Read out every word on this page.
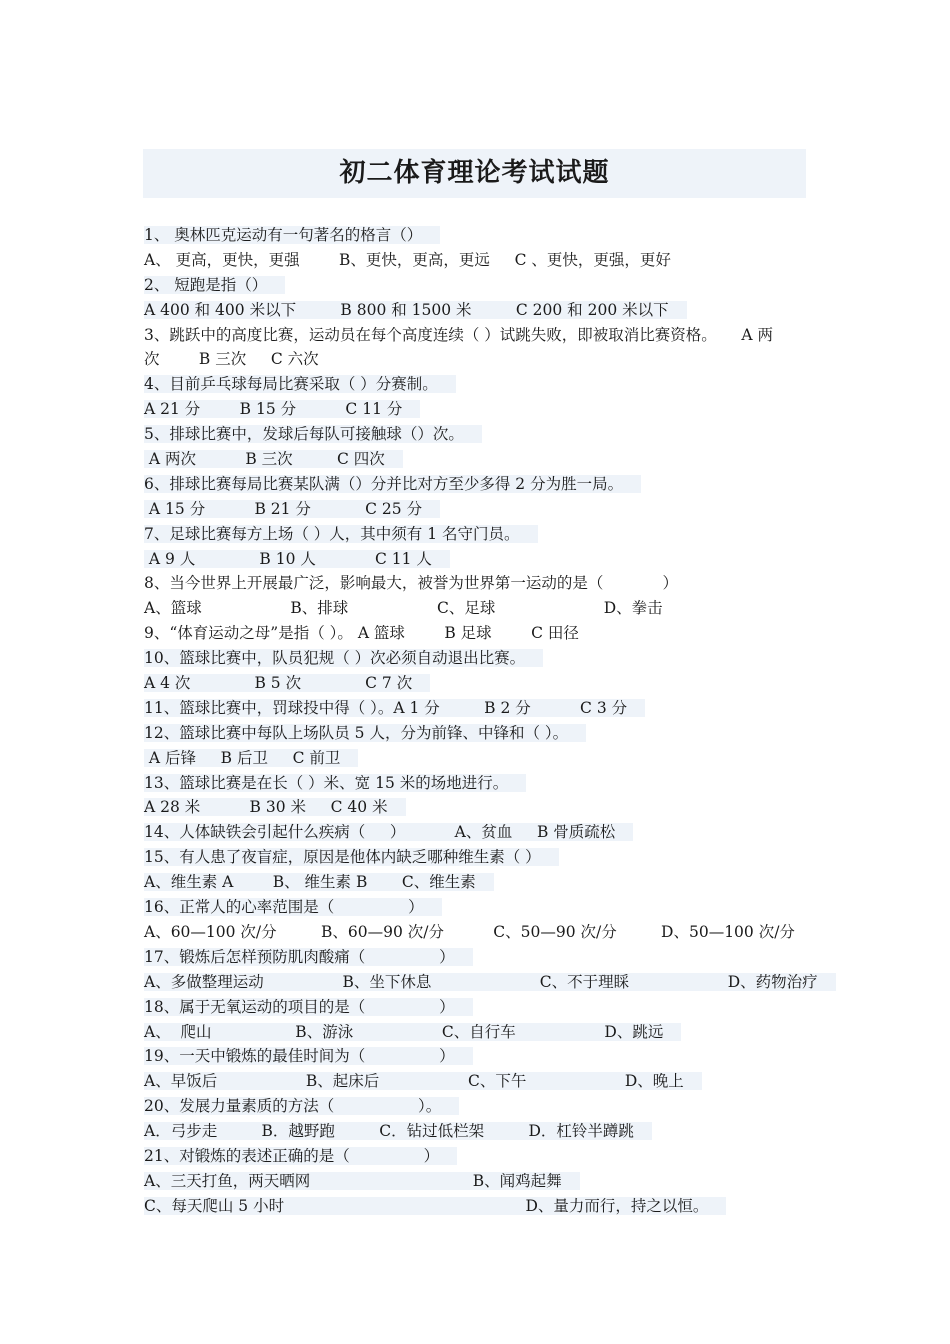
初二体育理论考试试题
1、 奥林匹克运动有一句著名的格言（）
A、 更高，更快，更强        B、更快，更高，更远     C 、更快，更强，更好
2、 短跑是指（）
A 400 和 400 米以下         B 800 和 1500 米         C 200 和 200 米以下
3、跳跃中的高度比赛，运动员在每个高度连续（ ）试跳失败，即被取消比赛资格。     A 两
次        B 三次     C 六次
4、目前乒乓球每局比赛采取（ ）分赛制。
A 21 分        B 15 分          C 11 分
5、排球比赛中，发球后每队可接触球（）次。
A 两次          B 三次         C 四次
6、排球比赛每局比赛某队满（）分并比对方至少多得 2 分为胜一局。
A 15 分          B 21 分           C 25 分
7、足球比赛每方上场（ ）人，其中须有 1 名守门员。
A 9 人             B 10 人            C 11 人
8、当今世界上开展最广泛，影响最大，被誉为世界第一运动的是（            ）
A、篮球                  B、排球                  C、足球                      D、拳击
9、“体育运动之母”是指（ ）。 A 篮球        B 足球        C 田径
10、篮球比赛中，队员犯规（ ）次必须自动退出比赛。
A 4 次             B 5 次             C 7 次
11、篮球比赛中，罚球投中得（ ）。A 1 分         B 2 分          C 3 分
12、篮球比赛中每队上场队员 5 人，分为前锋、中锋和（ ）。
A 后锋     B 后卫     C 前卫
13、篮球比赛是在长（ ）米、宽 15 米的场地进行。
A 28 米          B 30 米     C 40 米
14、人体缺铁会引起什么疾病（     ）          A、贫血     B 骨质疏松
15、有人患了夜盲症，原因是他体内缺乏哪种维生素（ ）
A、维生素 A        B、 维生素 B       C、维生素
16、正常人的心率范围是（               ）
A、60—100 次/分         B、60—90 次/分          C、50—90 次/分         D、50—100 次/分
17、锻炼后怎样预防肌肉酸痛（               ）
A、多做整理运动                B、坐下休息                      C、不于理睬                    D、药物治疗
18、属于无氧运动的项目的是（               ）
A、  爬山                 B、游泳                  C、自行车                  D、跳远
19、一天中锻炼的最佳时间为（               ）
A、早饭后                  B、起床后                  C、下午                    D、晚上
20、发展力量素质的方法（                 ）。
A．弓步走         B．越野跑         C．钻过低栏架         D．杠铃半蹲跳
21、对锻炼的表述正确的是（               ）
A、三天打鱼，两天晒网                                 B、闻鸡起舞
C、每天爬山 5 小时                                                 D、量力而行，持之以恒。
